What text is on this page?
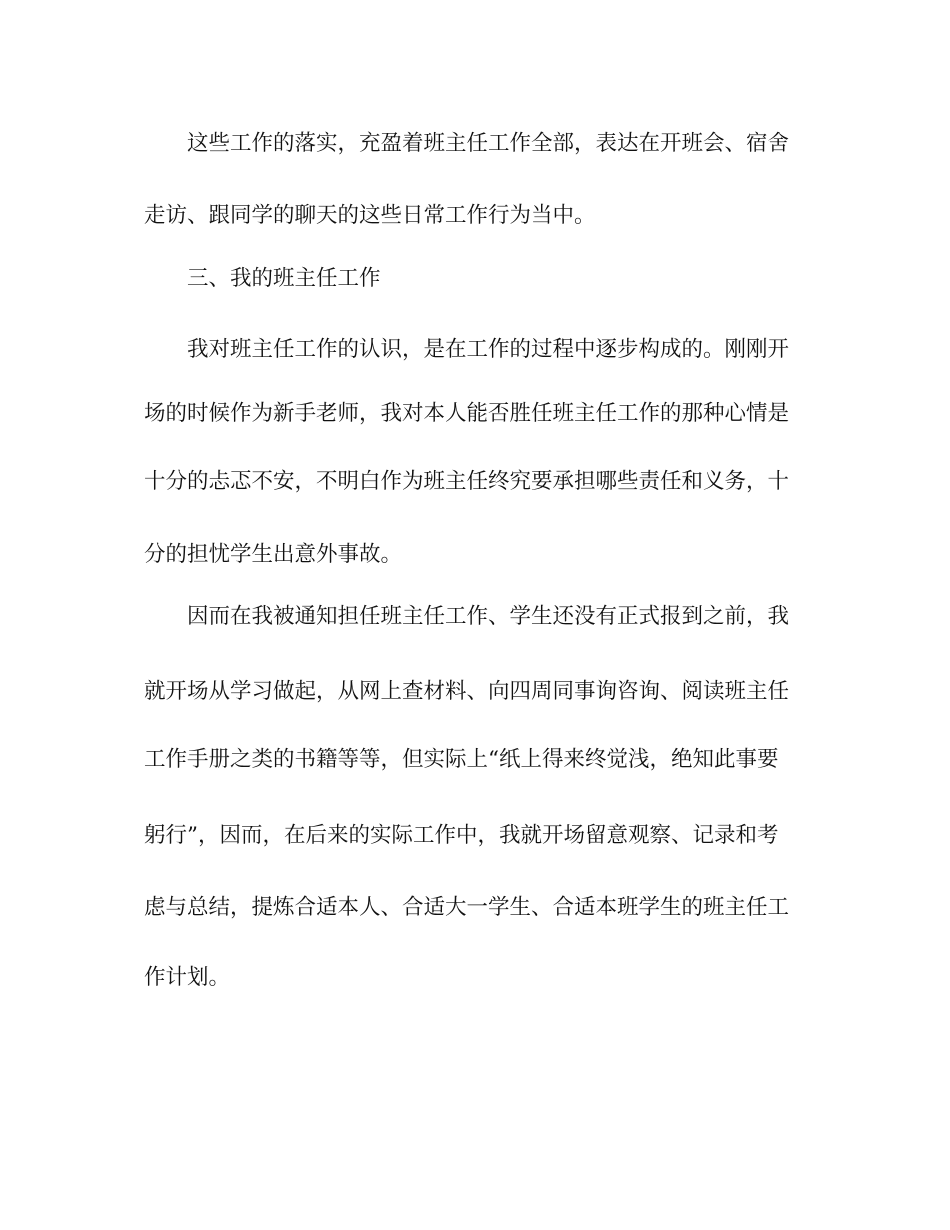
这些工作的落实，充盈着班主任工作全部，表达在开班会、宿舍
走访、跟同学的聊天的这些日常工作行为当中。
三、我的班主任工作
我对班主任工作的认识，是在工作的过程中逐步构成的。刚刚开
场的时候作为新手老师，我对本人能否胜任班主任工作的那种心情是
十分的忐忑不安，不明白作为班主任终究要承担哪些责任和义务，十
分的担忧学生出意外事故。
因而在我被通知担任班主任工作、学生还没有正式报到之前，我
就开场从学习做起，从网上查材料、向四周同事询咨询、阅读班主任
工作手册之类的书籍等等，但实际上“纸上得来终觉浅，绝知此事要
躬行”，因而，在后来的实际工作中，我就开场留意观察、记录和考
虑与总结，提炼合适本人、合适大一学生、合适本班学生的班主任工
作计划。
